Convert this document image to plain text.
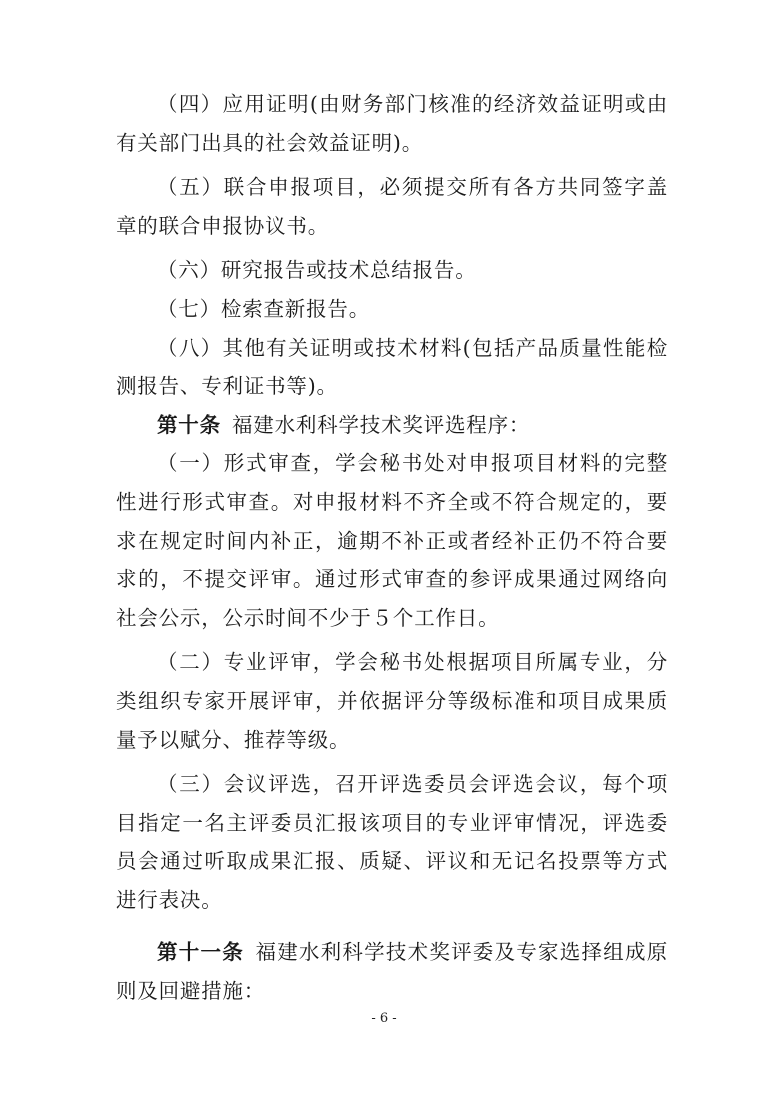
（四）应用证明(由财务部门核准的经济效益证明或由有关部门出具的社会效益证明)。

（五）联合申报项目，必须提交所有各方共同签字盖章的联合申报协议书。

（六）研究报告或技术总结报告。

（七）检索查新报告。

（八）其他有关证明或技术材料(包括产品质量性能检测报告、专利证书等)。

第十条  福建水利科学技术奖评选程序：

（一）形式审查，学会秘书处对申报项目材料的完整性进行形式审查。对申报材料不齐全或不符合规定的，要求在规定时间内补正，逾期不补正或者经补正仍不符合要求的，不提交评审。通过形式审查的参评成果通过网络向社会公示，公示时间不少于５个工作日。

（二）专业评审，学会秘书处根据项目所属专业，分类组织专家开展评审，并依据评分等级标准和项目成果质量予以赋分、推荐等级。

（三）会议评选，召开评选委员会评选会议，每个项目指定一名主评委员汇报该项目的专业评审情况，评选委员会通过听取成果汇报、质疑、评议和无记名投票等方式进行表决。

第十一条  福建水利科学技术奖评委及专家选择组成原则及回避措施：

- 6 -
